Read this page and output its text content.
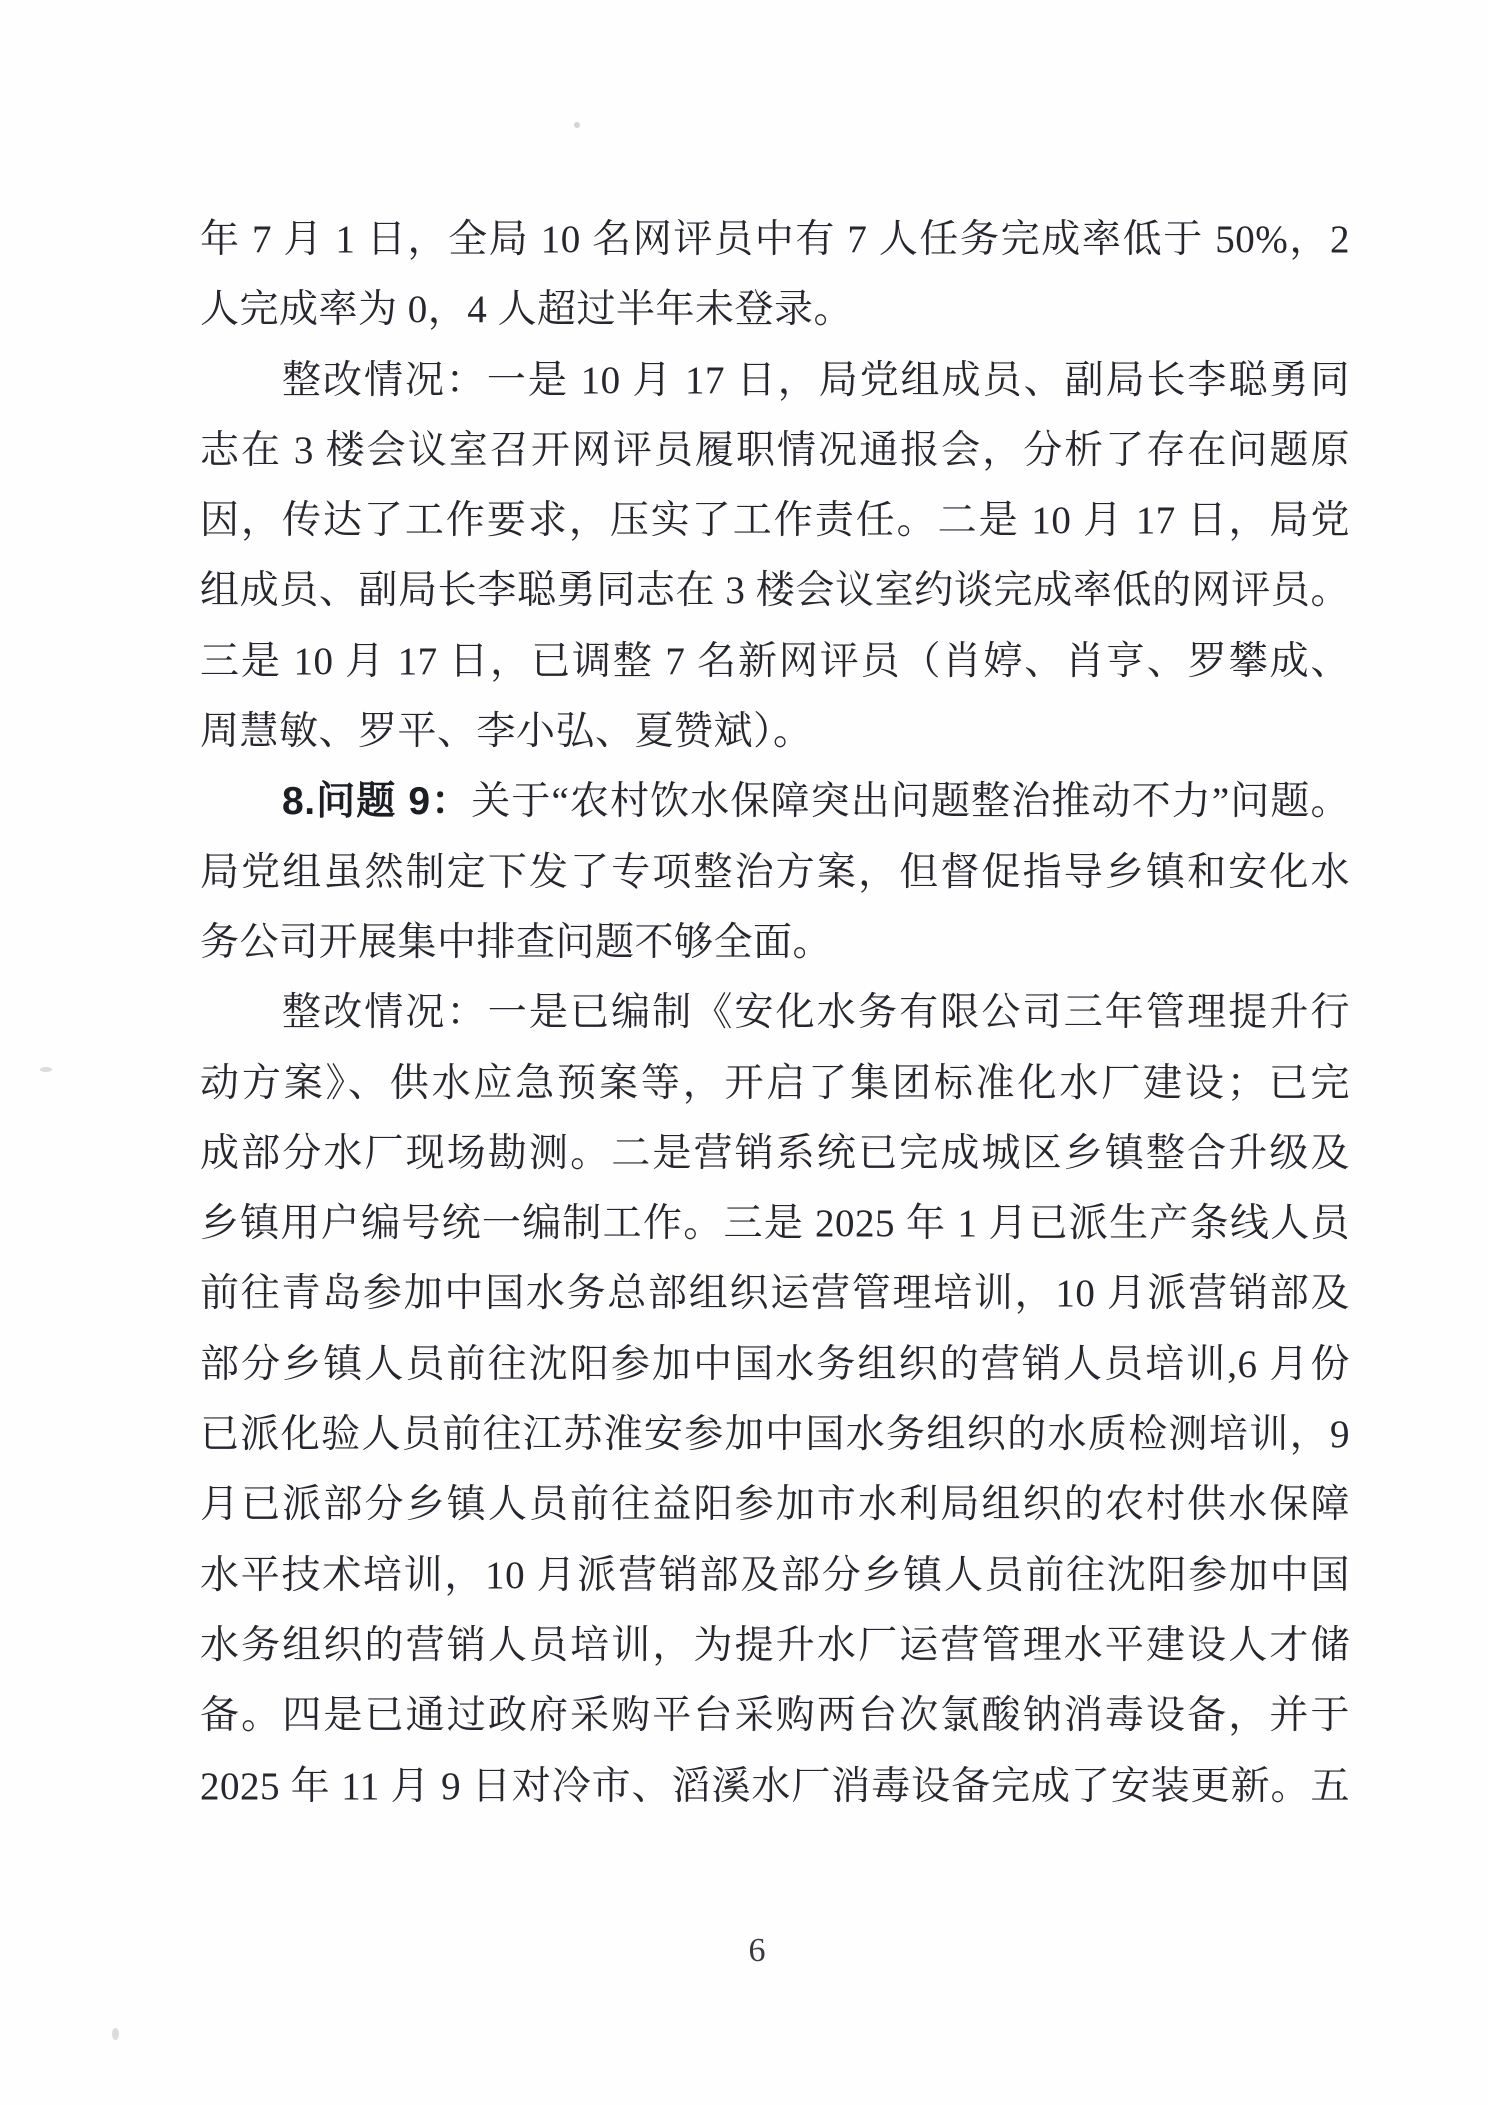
年 7 月 1 日，全局 10 名网评员中有 7 人任务完成率低于 50%，2
人完成率为 0，4 人超过半年未登录。
整改情况：一是 10 月 17 日，局党组成员、副局长李聪勇同
志在 3 楼会议室召开网评员履职情况通报会，分析了存在问题原
因，传达了工作要求，压实了工作责任。二是 10 月 17 日，局党
组成员、副局长李聪勇同志在 3 楼会议室约谈完成率低的网评员。
三是 10 月 17 日，已调整 7 名新网评员（肖婷、肖亨、罗攀成、
周慧敏、罗平、李小弘、夏赞斌）。
8.问题 9：关于“农村饮水保障突出问题整治推动不力”问题。
局党组虽然制定下发了专项整治方案，但督促指导乡镇和安化水
务公司开展集中排查问题不够全面。
整改情况：一是已编制《安化水务有限公司三年管理提升行
动方案》、供水应急预案等，开启了集团标准化水厂建设；已完
成部分水厂现场勘测。二是营销系统已完成城区乡镇整合升级及
乡镇用户编号统一编制工作。三是 2025 年 1 月已派生产条线人员
前往青岛参加中国水务总部组织运营管理培训，10 月派营销部及
部分乡镇人员前往沈阳参加中国水务组织的营销人员培训,6 月份
已派化验人员前往江苏淮安参加中国水务组织的水质检测培训，9
月已派部分乡镇人员前往益阳参加市水利局组织的农村供水保障
水平技术培训，10 月派营销部及部分乡镇人员前往沈阳参加中国
水务组织的营销人员培训，为提升水厂运营管理水平建设人才储
备。四是已通过政府采购平台采购两台次氯酸钠消毒设备，并于
2025 年 11 月 9 日对冷市、滔溪水厂消毒设备完成了安装更新。五
6
